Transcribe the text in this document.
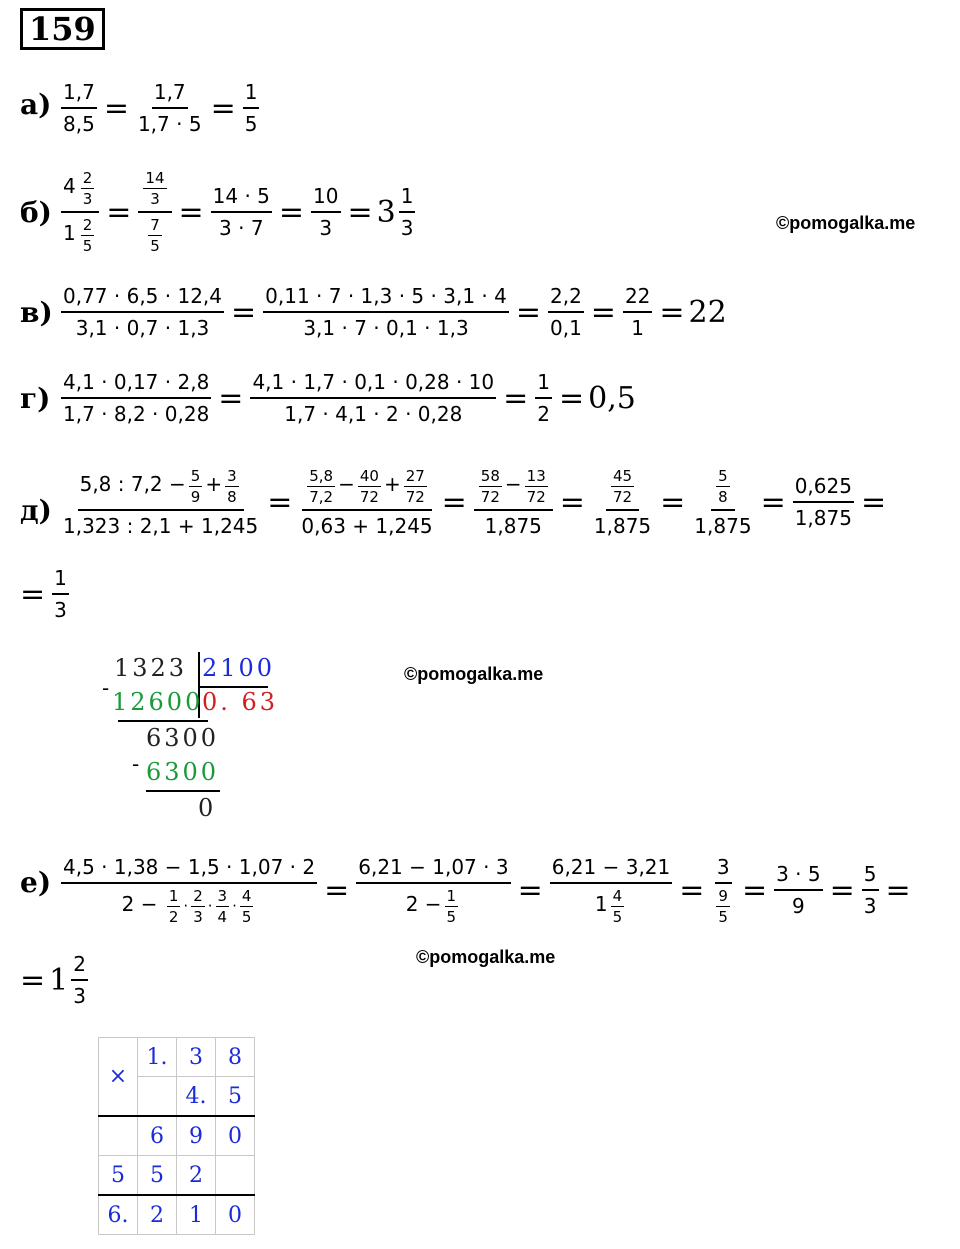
159
$а) \frac{1,7}{8,5} = \frac{1,7}{1,7 \cdot 5} = \frac{1}{5}$
$б) \frac{4 \frac{2}{3}}{1 \frac{2}{5}} = \frac{\frac{14}{3}}{\frac{7}{5}} = \frac{14 \cdot 5}{3 \cdot 7} = \frac{10}{3} = 3$ 1
3	©pomogalka.me
$в) \frac{0,77 \cdot 6,5 \cdot 12,4}{3,1 \cdot 0,7 \cdot 1,3} = \frac{0,11 \cdot 7 \cdot 1,3 \cdot 5 \cdot 3,1 \cdot 4}{3,1 \cdot 7 \cdot 0,1 \cdot 1,3} = \frac{2,2}{0,1} = \frac{22}{1} = 22$
$г) \frac{4,1 \cdot 0,17 \cdot 2,8}{1,7 \cdot 8,2 \cdot 0,28} = \frac{4,1 \cdot 1,7 \cdot 0,1 \cdot 0,28 \cdot 10}{1,7 \cdot 4,1 \cdot 2 \cdot 0,28} = \frac{1}{2} = 0,5$
$д) \frac{5,8 : 7,2 - \frac{5}{9} + \frac{3}{8}}{1,323 : 2,1 + 1,245} = \frac{\frac{5,8}{7,2} - \frac{40}{72} + \frac{27}{72}}{0,63 + 1,245} = \frac{\frac{58}{72} - \frac{13}{72}}{1,875} = \frac{\frac{45}{72}}{1,875} = \frac{\frac{5}{8}}{1,875} = \frac{0,625}{1,875}$ =
= $\frac{1}{3}$
-
1323 2100
12600
0. 63
6300
- 6300
0
©pomogalka.me
$е) \frac{4,5 \cdot 1,38 - 1,5 \cdot 1,07 \cdot 2}{2 - \frac{1}{2} \cdot \frac{2}{3} \cdot \frac{3}{4} \cdot \frac{4}{5}} = \frac{6,21 - 1,07 \cdot 3}{2 - \frac{1}{5}} = \frac{6,21 - 3,21}{1 \frac{4}{5}} = \frac{3}{\frac{9}{5}} = \frac{3 \cdot 5}{9} = \frac{5}{3}$ =
©pomogalka.me
= 1 2
3
×	1.	3	8
		4.	5
	6	9	0
5	5	2	
6.	2	1	0
